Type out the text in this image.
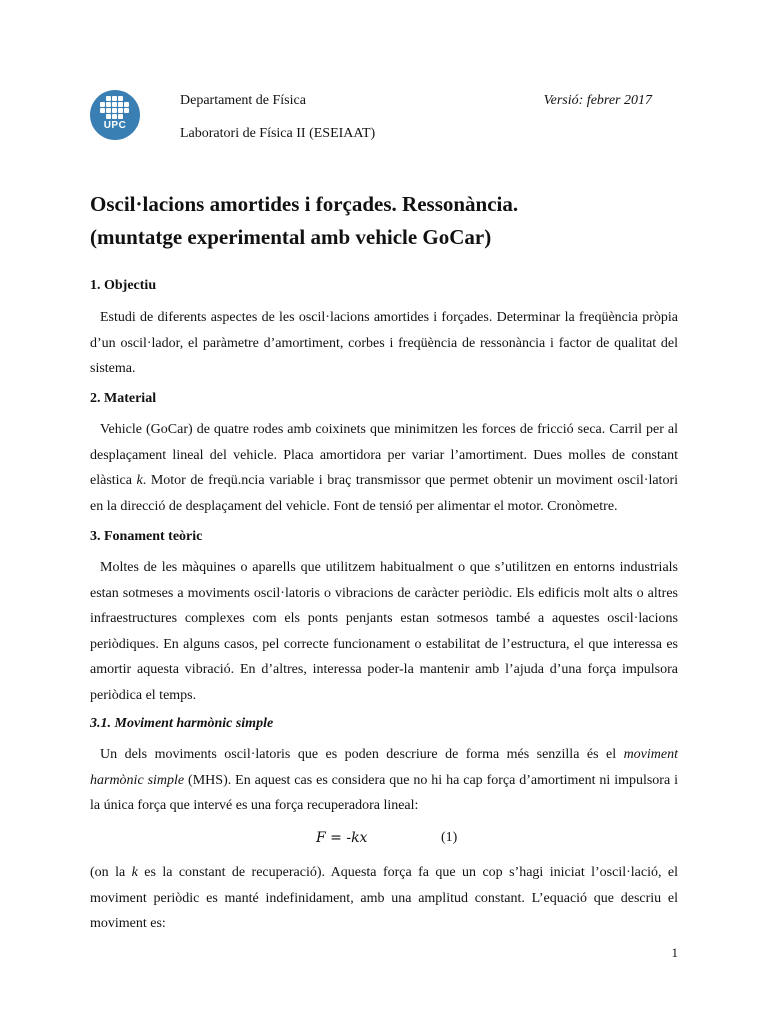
UPC
Departament de Física
Laboratori de Física II (ESEIAAT)
Versió: febrer 2017
Oscil·lacions amortides i forçades. Ressonància.
(muntatge experimental amb vehicle GoCar)
1. Objectiu

Estudi de diferents aspectes de les oscil·lacions amortides i forçades. Determinar la freqüència pròpia d’un oscil·lador, el paràmetre d’amortiment, corbes i freqüència de ressonància i factor de qualitat del sistema.

2. Material

Vehicle (GoCar) de quatre rodes amb coixinets que minimitzen les forces de fricció seca. Carril per al desplaçament lineal del vehicle. Placa amortidora per variar l’amortiment. Dues molles de constant elàstica k. Motor de freqü.ncia variable i braç transmissor que permet obtenir un moviment oscil·latori en la direcció de desplaçament del vehicle. Font de tensió per alimentar el motor. Cronòmetre.

3. Fonament teòric

Moltes de les màquines o aparells que utilitzem habitualment o que s’utilitzen en entorns industrials estan sotmeses a moviments oscil·latoris o vibracions de caràcter periòdic. Els edificis molt alts o altres infraestructures complexes com els ponts penjants estan sotmesos també a aquestes oscil·lacions periòdiques. En alguns casos, pel correcte funcionament o estabilitat de l’estructura, el que interessa es amortir aquesta vibració. En d’altres, interessa poder-la mantenir amb l’ajuda d’una força impulsora periòdica el temps.

3.1. Moviment harmònic simple

Un dels moviments oscil·latoris que es poden descriure de forma més senzilla és el moviment harmònic simple (MHS). En aquest cas es considera que no hi ha cap força d’amortiment ni impulsora i la única força que intervé es una força recuperadora lineal:

F = -kx	(1)

(on la k es la constant de recuperació). Aquesta força fa que un cop s’hagi iniciat l’oscil·lació, el moviment periòdic es manté indefinidament, amb una amplitud constant. L’equació que descriu el moviment es:

1
